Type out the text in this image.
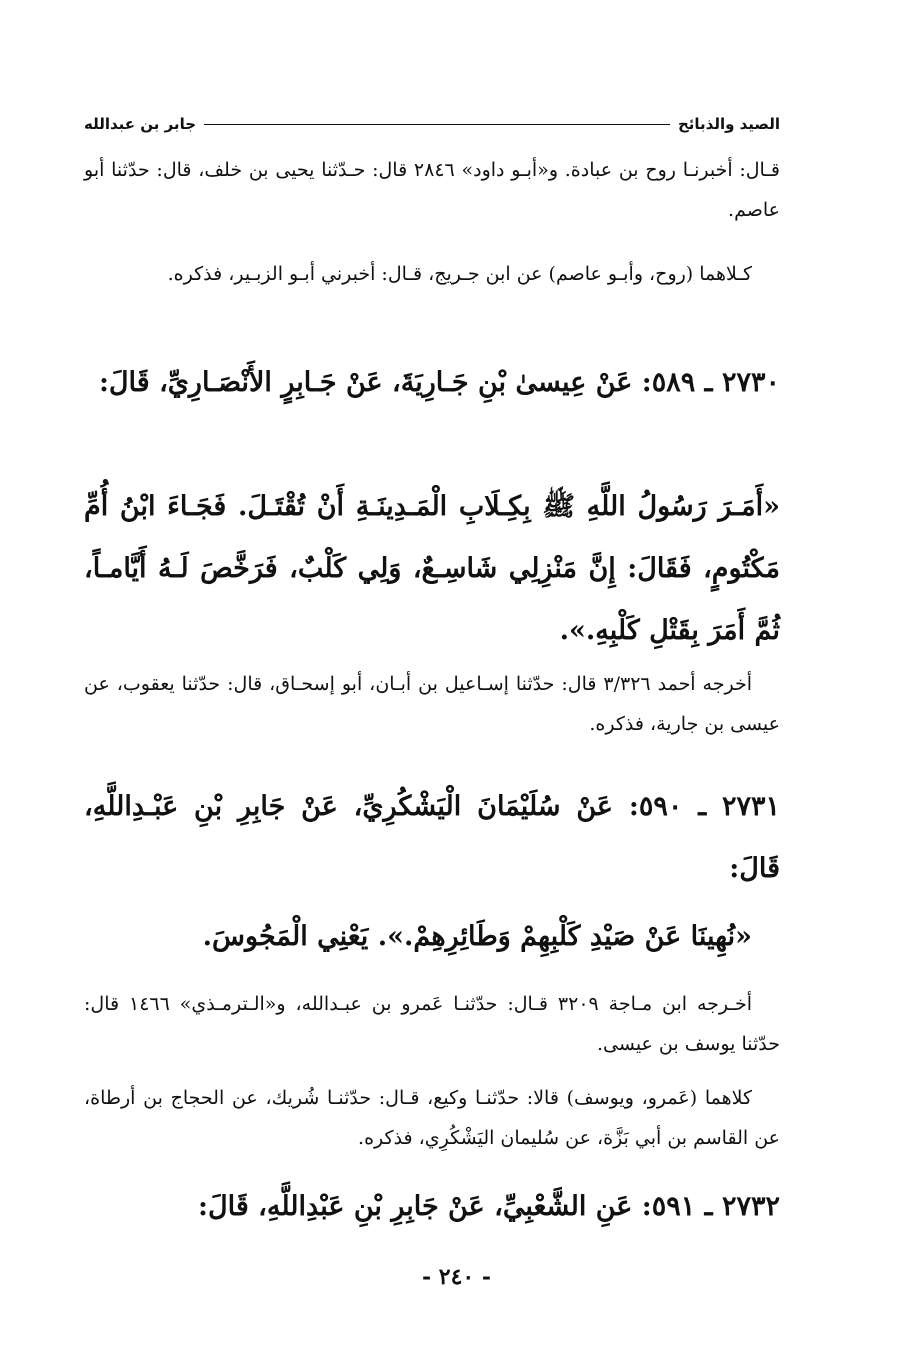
الصيد والذبائح
جابر بن عبدالله

قـال: أخبرنـا روح بن عبادة. و«أبـو داود» ٢٨٤٦ قال: حـدّثنا يحيى بن خلف، قال: حدّثنا أبو عاصم.

كـلاهما (روح، وأبـو عاصم) عن ابن جـريج، قـال: أخبرني أبـو الزبـير، فذكره.

٢٧٣٠ ـ ٥٨٩: عَنْ عِيسىٰ بْنِ جَـارِيَةَ، عَنْ جَـابِرٍ الأَنْصَـارِيِّ، قَالَ:

«أَمَـرَ رَسُولُ اللَّهِ ﷺ بِكِـلَابِ الْمَـدِينَـةِ أَنْ تُقْتَـلَ. فَجَـاءَ ابْنُ أُمِّ مَكْتُومٍ، فَقَالَ: إِنَّ مَنْزِلِي شَاسِـعٌ، وَلِي كَلْبٌ، فَرَخَّصَ لَـهُ أَيَّامـاً، ثُمَّ أَمَرَ بِقَتْلِ كَلْبِهِ.».

أخرجه أحمد ٣/٣٢٦ قال: حدّثنا إسـاعيل بن أبـان، أبو إسحـاق، قال: حدّثنا يعقوب، عن عيسى بن جارية، فذكره.

٢٧٣١ ـ ٥٩٠: عَنْ سُلَيْمَانَ الْيَشْكُرِيِّ، عَنْ جَابِرِ بْنِ عَبْـدِاللَّهِ، قَالَ:

«نُهِينَا عَنْ صَيْدِ كَلْبِهِمْ وَطَائِرِهِمْ.». يَعْنِي الْمَجُوسَ.

أخـرجه ابن مـاجة ٣٢٠٩ قـال: حدّثنـا عَمرو بن عبـدالله، و«الـترمـذي» ١٤٦٦ قال: حدّثنا يوسف بن عيسى.

كلاهما (عَمرو، ويوسف) قالا: حدّثنـا وكيع، قـال: حدّثنـا شُريك، عن الحجاج بن أرطاة، عن القاسم بن أبي بَزَّة، عن سُليمان اليَشْكُرِي، فذكره.

٢٧٣٢ ـ ٥٩١: عَنِ الشَّعْبِيِّ، عَنْ جَابِرِ بْنِ عَبْدِاللَّهِ، قَالَ:

- ٢٤٠ -
